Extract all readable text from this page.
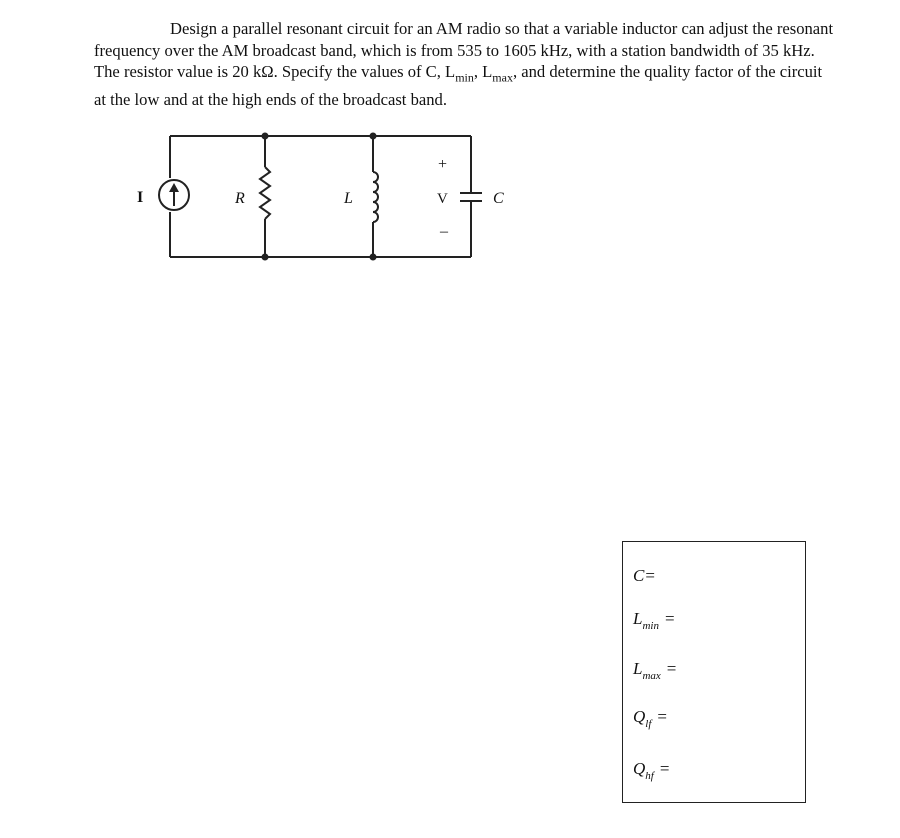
Design a parallel resonant circuit for an AM radio so that a variable inductor can adjust the resonant frequency over the AM broadcast band, which is from 535 to 1605 kHz, with a station bandwidth of 35 kHz. The resistor value is 20 kΩ. Specify the values of C, $L_{min}$, $L_{max}$, and determine the quality factor of the circuit at the low and at the high ends of the broadcast band.

I	R	L
+
V
–
C
C=
$L_{min}$ =
$L_{max}$ =
$Q_{lf}$ =
$Q_{hf}$ =
